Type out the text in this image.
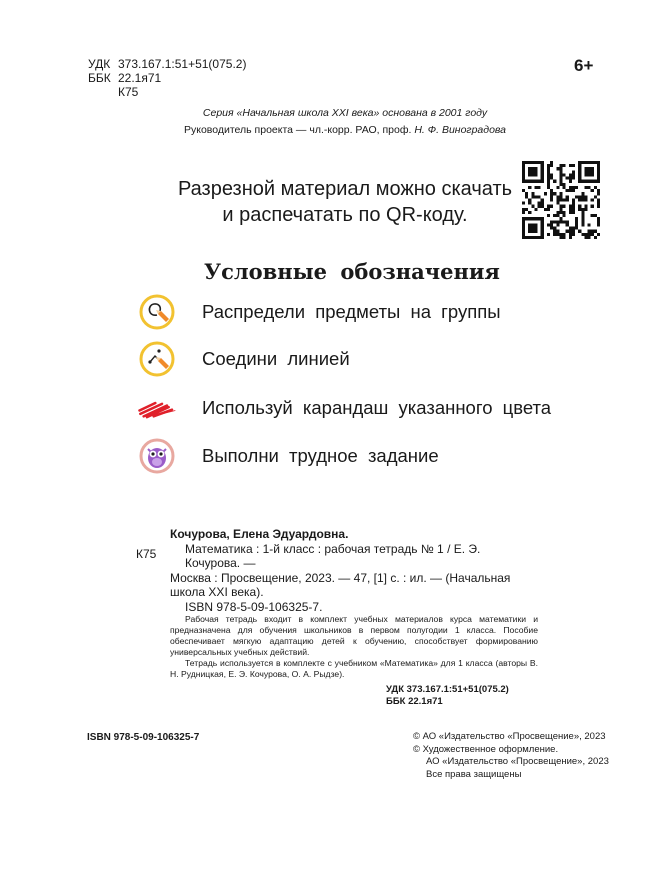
УДК 373.167.1:51+51(075.2)
ББК 22.1я71
К75
6+
Серия «Начальная школа XXI века» основана в 2001 году
Руководитель проекта — чл.-корр. РАО, проф. Н. Ф. Виноградова
Разрезной материал можно скачать
и распечатать по QR-коду.
Условные обозначения
Распредели предметы на группы
Соедини линией
Используй карандаш указанного цвета
Выполни трудное задание
Кочурова, Елена Эдуардовна.
К75	Математика : 1-й класс : рабочая тетрадь № 1 / Е. Э. Кочурова. —
Москва : Просвещение, 2023. — 47, [1] с. : ил. — (Начальная школа XXI века).
ISBN 978-5-09-106325-7.

Рабочая тетрадь входит в комплект учебных материалов курса математики и предназначена для обучения школьников в первом полугодии 1 класса. Пособие обеспечивает мягкую адаптацию детей к обучению, способствует формированию универсальных учебных действий.

Тетрадь используется в комплекте с учебником «Математика» для 1 класса (авторы В. Н. Рудницкая, Е. Э. Кочурова, О. А. Рыдзе).

УДК 373.167.1:51+51(075.2)
ББК 22.1я71
ISBN 978-5-09-106325-7	© АО «Издательство «Просвещение», 2023
© Художественное оформление.
АО «Издательство «Просвещение», 2023
Все права защищены
